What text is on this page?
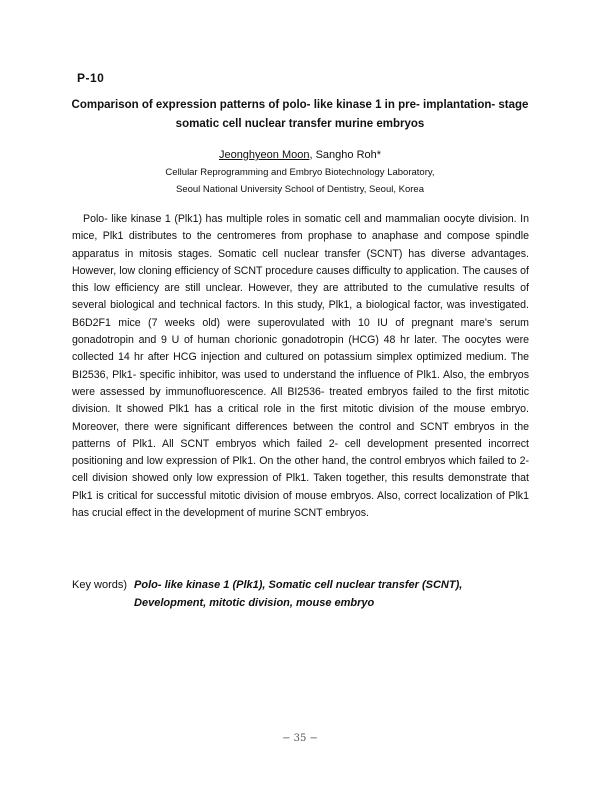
P-10
Comparison of expression patterns of polo- like kinase 1 in pre- implantation- stage
somatic cell nuclear transfer murine embryos
Jeonghyeon Moon, Sangho Roh*
Cellular Reprogramming and Embryo Biotechnology Laboratory,
Seoul National University School of Dentistry, Seoul, Korea

Polo- like kinase 1 (Plk1) has multiple roles in somatic cell and mammalian oocyte division. In mice, Plk1 distributes to the centromeres from prophase to anaphase and compose spindle apparatus in mitosis stages. Somatic cell nuclear transfer (SCNT) has diverse advantages. However, low cloning efficiency of SCNT procedure causes difficulty to application. The causes of this low efficiency are still unclear. However, they are attributed to the cumulative results of several biological and technical factors. In this study, Plk1, a biological factor, was investigated. B6D2F1 mice (7 weeks old) were superovulated with 10 IU of pregnant mare's serum gonadotropin and 9 U of human chorionic gonadotropin (HCG) 48 hr later. The oocytes were collected 14 hr after HCG injection and cultured on potassium simplex optimized medium. The BI2536, Plk1- specific inhibitor, was used to understand the influence of Plk1. Also, the embryos were assessed by immunofluorescence. All BI2536- treated embryos failed to the first mitotic division. It showed Plk1 has a critical role in the first mitotic division of the mouse embryo. Moreover, there were significant differences between the control and SCNT embryos in the patterns of Plk1. All SCNT embryos which failed 2- cell development presented incorrect positioning and low expression of Plk1. On the other hand, the control embryos which failed to 2- cell division showed only low expression of Plk1. Taken together, this results demonstrate that Plk1 is critical for successful mitotic division of mouse embryos. Also, correct localization of Plk1 has crucial effect in the development of murine SCNT embryos.

Key words) Polo- like kinase 1 (Plk1), Somatic cell nuclear transfer (SCNT),
Development, mitotic division, mouse embryo
− 35 −
